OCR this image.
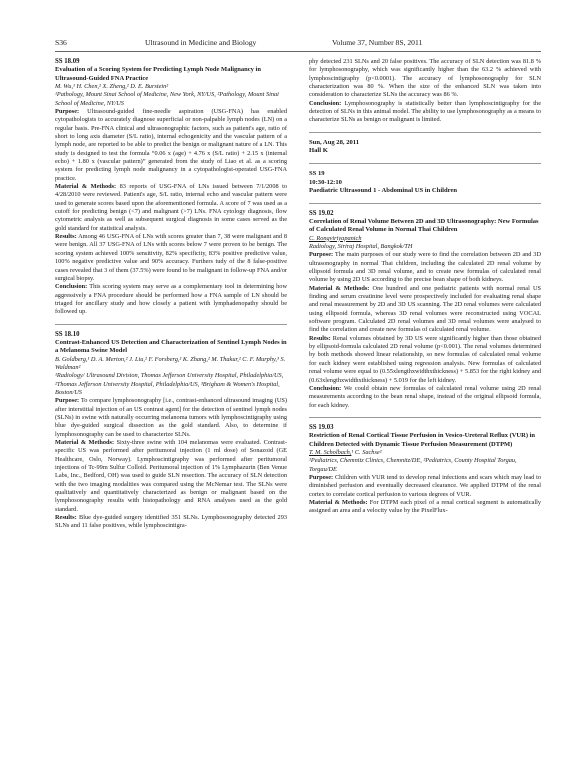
S36	Ultrasound in Medicine and Biology	Volume 37, Number 8S, 2011

SS 18.09

Evaluation of a Scoring System for Predicting Lymph Node Malignancy in Ultrasound-Guided FNA Practice

M. Wu,¹ H. Chen,² X. Zheng,² D. E. Burstein²

¹Pathology, Mount Sinai School of Medicine, New York, NY/US, ²Pathology, Mount Sinai School of Medicine, NY/US

Purpose: Ultrasound-guided fine-needle aspiration (USG-FNA) has enabled cytopathologists to accurately diagnose superficial or non-palpable lymph nodes (LN) on a regular basis. Pre-FNA clinical and ultrasonographic factors, such as patient's age, ratio of short to long axis diameter (S/L ratio), internal echogenicity and the vascular pattern of a lymph node, are reported to be able to predict the benign or malignant nature of a LN. This study is designed to test the formula “0.06 x (age) + 4.76 x (S/L ratio) + 2.15 x (internal echo) + 1.80 x (vascular pattern)” generated from the study of Liao et al. as a scoring system for predicting lymph node malignancy in a cytopathologist-operated USG-FNA practice.

Material & Methods: 83 reports of USG-FNA of LNs issued between 7/1/2008 to 4/28/2010 were reviewed. Patient's age, S/L ratio, internal echo and vascular pattern were used to generate scores based upon the aforementioned formula. A score of 7 was used as a cutoff for predicting benign (<7) and malignant (>7) LNs. FNA cytology diagnosis, flow cytometric analysis as well as subsequent surgical diagnosis in some cases served as the gold standard for statistical analysis.

Results: Among 46 USG-FNA of LNs with scores greater than 7, 38 were malignant and 8 were benign. All 37 USG-FNA of LNs with scores below 7 were proven to be benign. The scoring system achieved 100% sensitivity, 82% specificity, 83% positive predictive value, 100% negative predictive value and 90% accuracy. Furthers tudy of the 8 false-positive cases revealed that 3 of them (37.5%) were found to be malignant in follow-up FNA and/or surgical biopsy.

Conclusion: This scoring system may serve as a complementary tool in determining how aggressively a FNA procedure should be performed how a FNA sample of LN should be triaged for ancillary study and how closely a patient with lymphadenopathy should be followed up.

SS 18.10

Contrast-Enhanced US Detection and Characterization of Sentinel Lymph Nodes in a Melanoma Swine Model

B. Goldberg,¹ D. A. Merton,² J. Liu,² F. Forsberg,² K. Zhang,² M. Thakur,² C. F. Murphy,³ S. Waldman²

¹Radiology/ Ultrasound Division, Thomas Jefferson University Hospital, Philadelphia/US, ²Thomas Jefferson University Hospital, Philadelphia/US, ³Brigham & Women's Hospital, Boston/US

Purpose: To compare lymphosonography [i.e., contrast-enhanced ultrasound imaging (US) after interstitial injection of an US contrast agent] for the detection of sentinel lymph nodes (SLNs) in swine with naturally occurring melanoma tumors with lymphoscintigraphy using blue dye-guided surgical dissection as the gold standard. Also, to determine if lymphosonography can be used to characterize SLNs.

Material & Methods: Sixty-three swine with 104 melanomas were evaluated. Contrast-specific US was performed after peritumoral injection (1 ml dose) of Sonazoid (GE Healthcare, Oslo, Norway). Lymphoscintigraphy was performed after peritumoral injections of Tc-99m Sulfur Colloid. Peritumoral injection of 1% Lymphazurin (Ben Venue Labs, Inc., Bedford, OH) was used to guide SLN resection. The accuracy of SLN detection with the two imaging modalities was compared using the McNemar test. The SLNs were qualitatively and quantitatively characterized as benign or malignant based on the lymphosonography results with histopathology and RNA analyses used as the gold standard.

Results: Blue dye-guided surgery identified 351 SLNs. Lymphosonography detected 293 SLNs and 11 false positives, while lymphoscintigra-

phy detected 231 SLNs and 20 false positives. The accuracy of SLN detection was 81.8 % for lymphosonography, which was significantly higher than the 63.2 % achieved with lymphoscintigraphy (p<0.0001). The accuracy of lymphosonography for SLN characterization was 80 %. When the size of the enhanced SLN was taken into consideration to characterize SLNs the accuracy was 86 %.

Conclusion: Lymphosonography is statistically better than lymphoscintigraphy for the detection of SLNs in this animal model. The ability to use lymphosonography as a means to characterize SLNs as benign or malignant is limited.

Sun, Aug 28, 2011

Hall K

SS 19

10:30-12:10

Paediatric Ultrasound 1 - Abdominal US in Children

SS 19.02

Correlation of Renal Volume Between 2D and 3D Ultrasonography: New Formulas of Calculated Renal Volume in Normal Thai Children

C. Rongviriyapanich

Radiology, Siriraj Hospital, Bangkok/TH

Purpose: The main purposes of our study were to find the correlation between 2D and 3D ultrasonography in normal Thai children, including the calculated 2D renal volume by ellipsoid formula and 3D renal volume, and to create new formulas of calculated renal volume by using 2D US according to the precise bean shape of both kidneys.

Material & Methods: One hundred and one pediatric patients with normal renal US finding and serum creatinine level were prospectively included for evaluating renal shape and renal measurement by 2D and 3D US scanning. The 2D renal volumes were calculated using ellipsoid formula, whereas 3D renal volumes were reconstructed using VOCAL software program. Calculated 2D renal volumes and 3D renal volumes were analysed to find the correlation and create new formulas of calculated renal volume.

Results: Renal volumes obtained by 3D US were significantly higher than those obtained by ellipsoid-formula calculated 2D renal volume (p<0.001). The renal volumes determined by both methods showed linear relationship, so new formulas of calculated renal volume for each kidney were established using regression analysis. New formulas of calculated renal volume were equal to (0.55xlengthxwidthxthickness) + 5.853 for the right kidney and (0.63xlengthxwidthxthickness) + 5.019 for the left kidney.

Conclusion: We could obtain new formulas of calculated renal volume using 2D renal measurements according to the bean renal shape, instead of the original ellipsoid formula, for each kidney.

SS 19.03

Restriction of Renal Cortical Tissue Perfusion in Vesico-Ureteral Reflux (VUR) in Children Detected with Dynamic Tissue Perfusion Measurement (DTPM)

T. M. Scholbach,¹ C. Sachse²

¹Pediatrics, Chemnitz Clinics, Chemnitz/DE, ²Pediatrics, County Hospital Torgau, Torgau/DE

Purpose: Children with VUR tend to develop renal infections and scars which may lead to diminished perfusion and eventually decreased clearance. We applied DTPM of the renal cortex to correlate cortical perfusion to various degrees of VUR.

Material & Methods: For DTPM each pixel of a renal cortical segment is automatically assigned an area and a velocity value by the PixelFlux-
